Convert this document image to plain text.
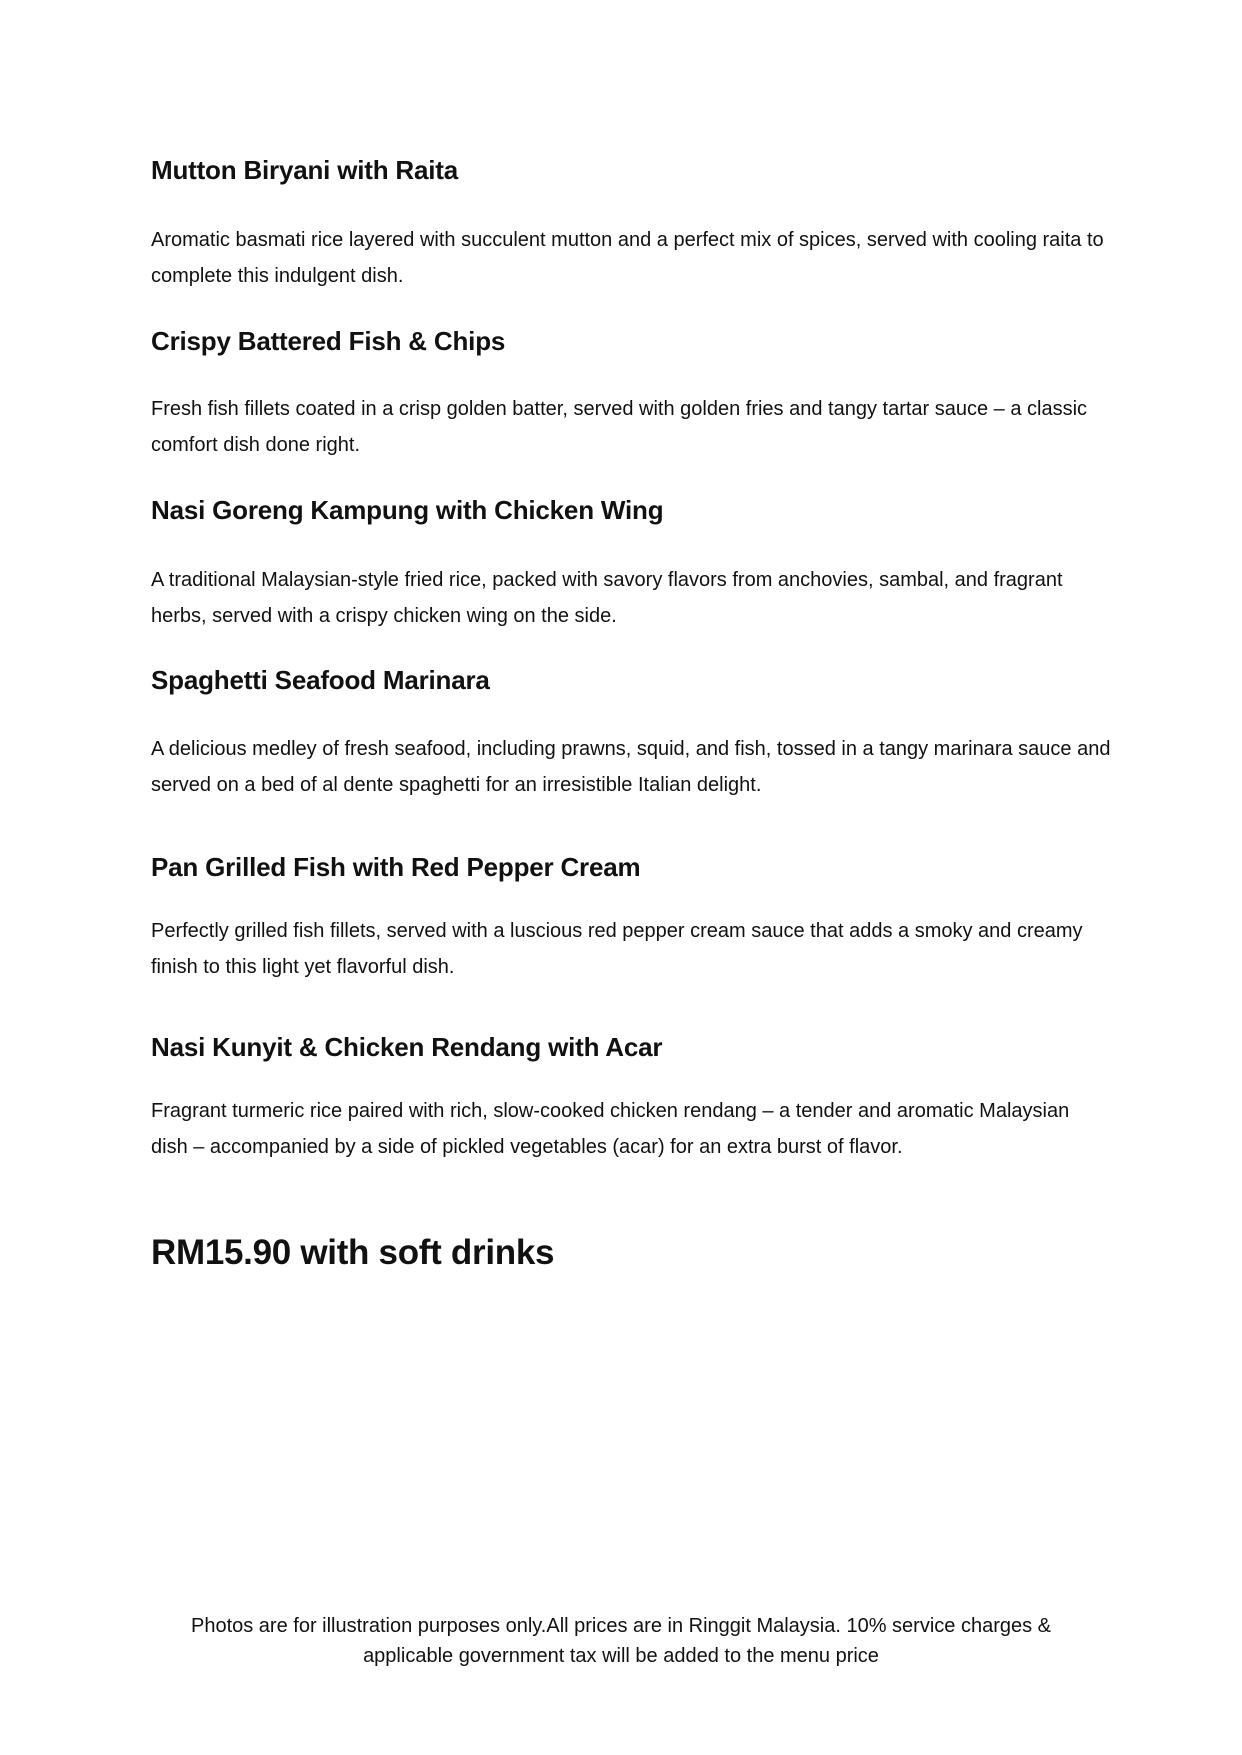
Mutton Biryani with Raita

Aromatic basmati rice layered with succulent mutton and a perfect mix of spices, served with cooling raita to complete this indulgent dish.

Crispy Battered Fish & Chips

Fresh fish fillets coated in a crisp golden batter, served with golden fries and tangy tartar sauce – a classic comfort dish done right.

Nasi Goreng Kampung with Chicken Wing

A traditional Malaysian-style fried rice, packed with savory flavors from anchovies, sambal, and fragrant herbs, served with a crispy chicken wing on the side.

Spaghetti Seafood Marinara

A delicious medley of fresh seafood, including prawns, squid, and fish, tossed in a tangy marinara sauce and served on a bed of al dente spaghetti for an irresistible Italian delight.

Pan Grilled Fish with Red Pepper Cream

Perfectly grilled fish fillets, served with a luscious red pepper cream sauce that adds a smoky and creamy finish to this light yet flavorful dish.

Nasi Kunyit & Chicken Rendang with Acar

Fragrant turmeric rice paired with rich, slow-cooked chicken rendang – a tender and aromatic Malaysian dish – accompanied by a side of pickled vegetables (acar) for an extra burst of flavor.

RM15.90 with soft drinks

Photos are for illustration purposes only.All prices are in Ringgit Malaysia. 10% service charges &
applicable government tax will be added to the menu price
